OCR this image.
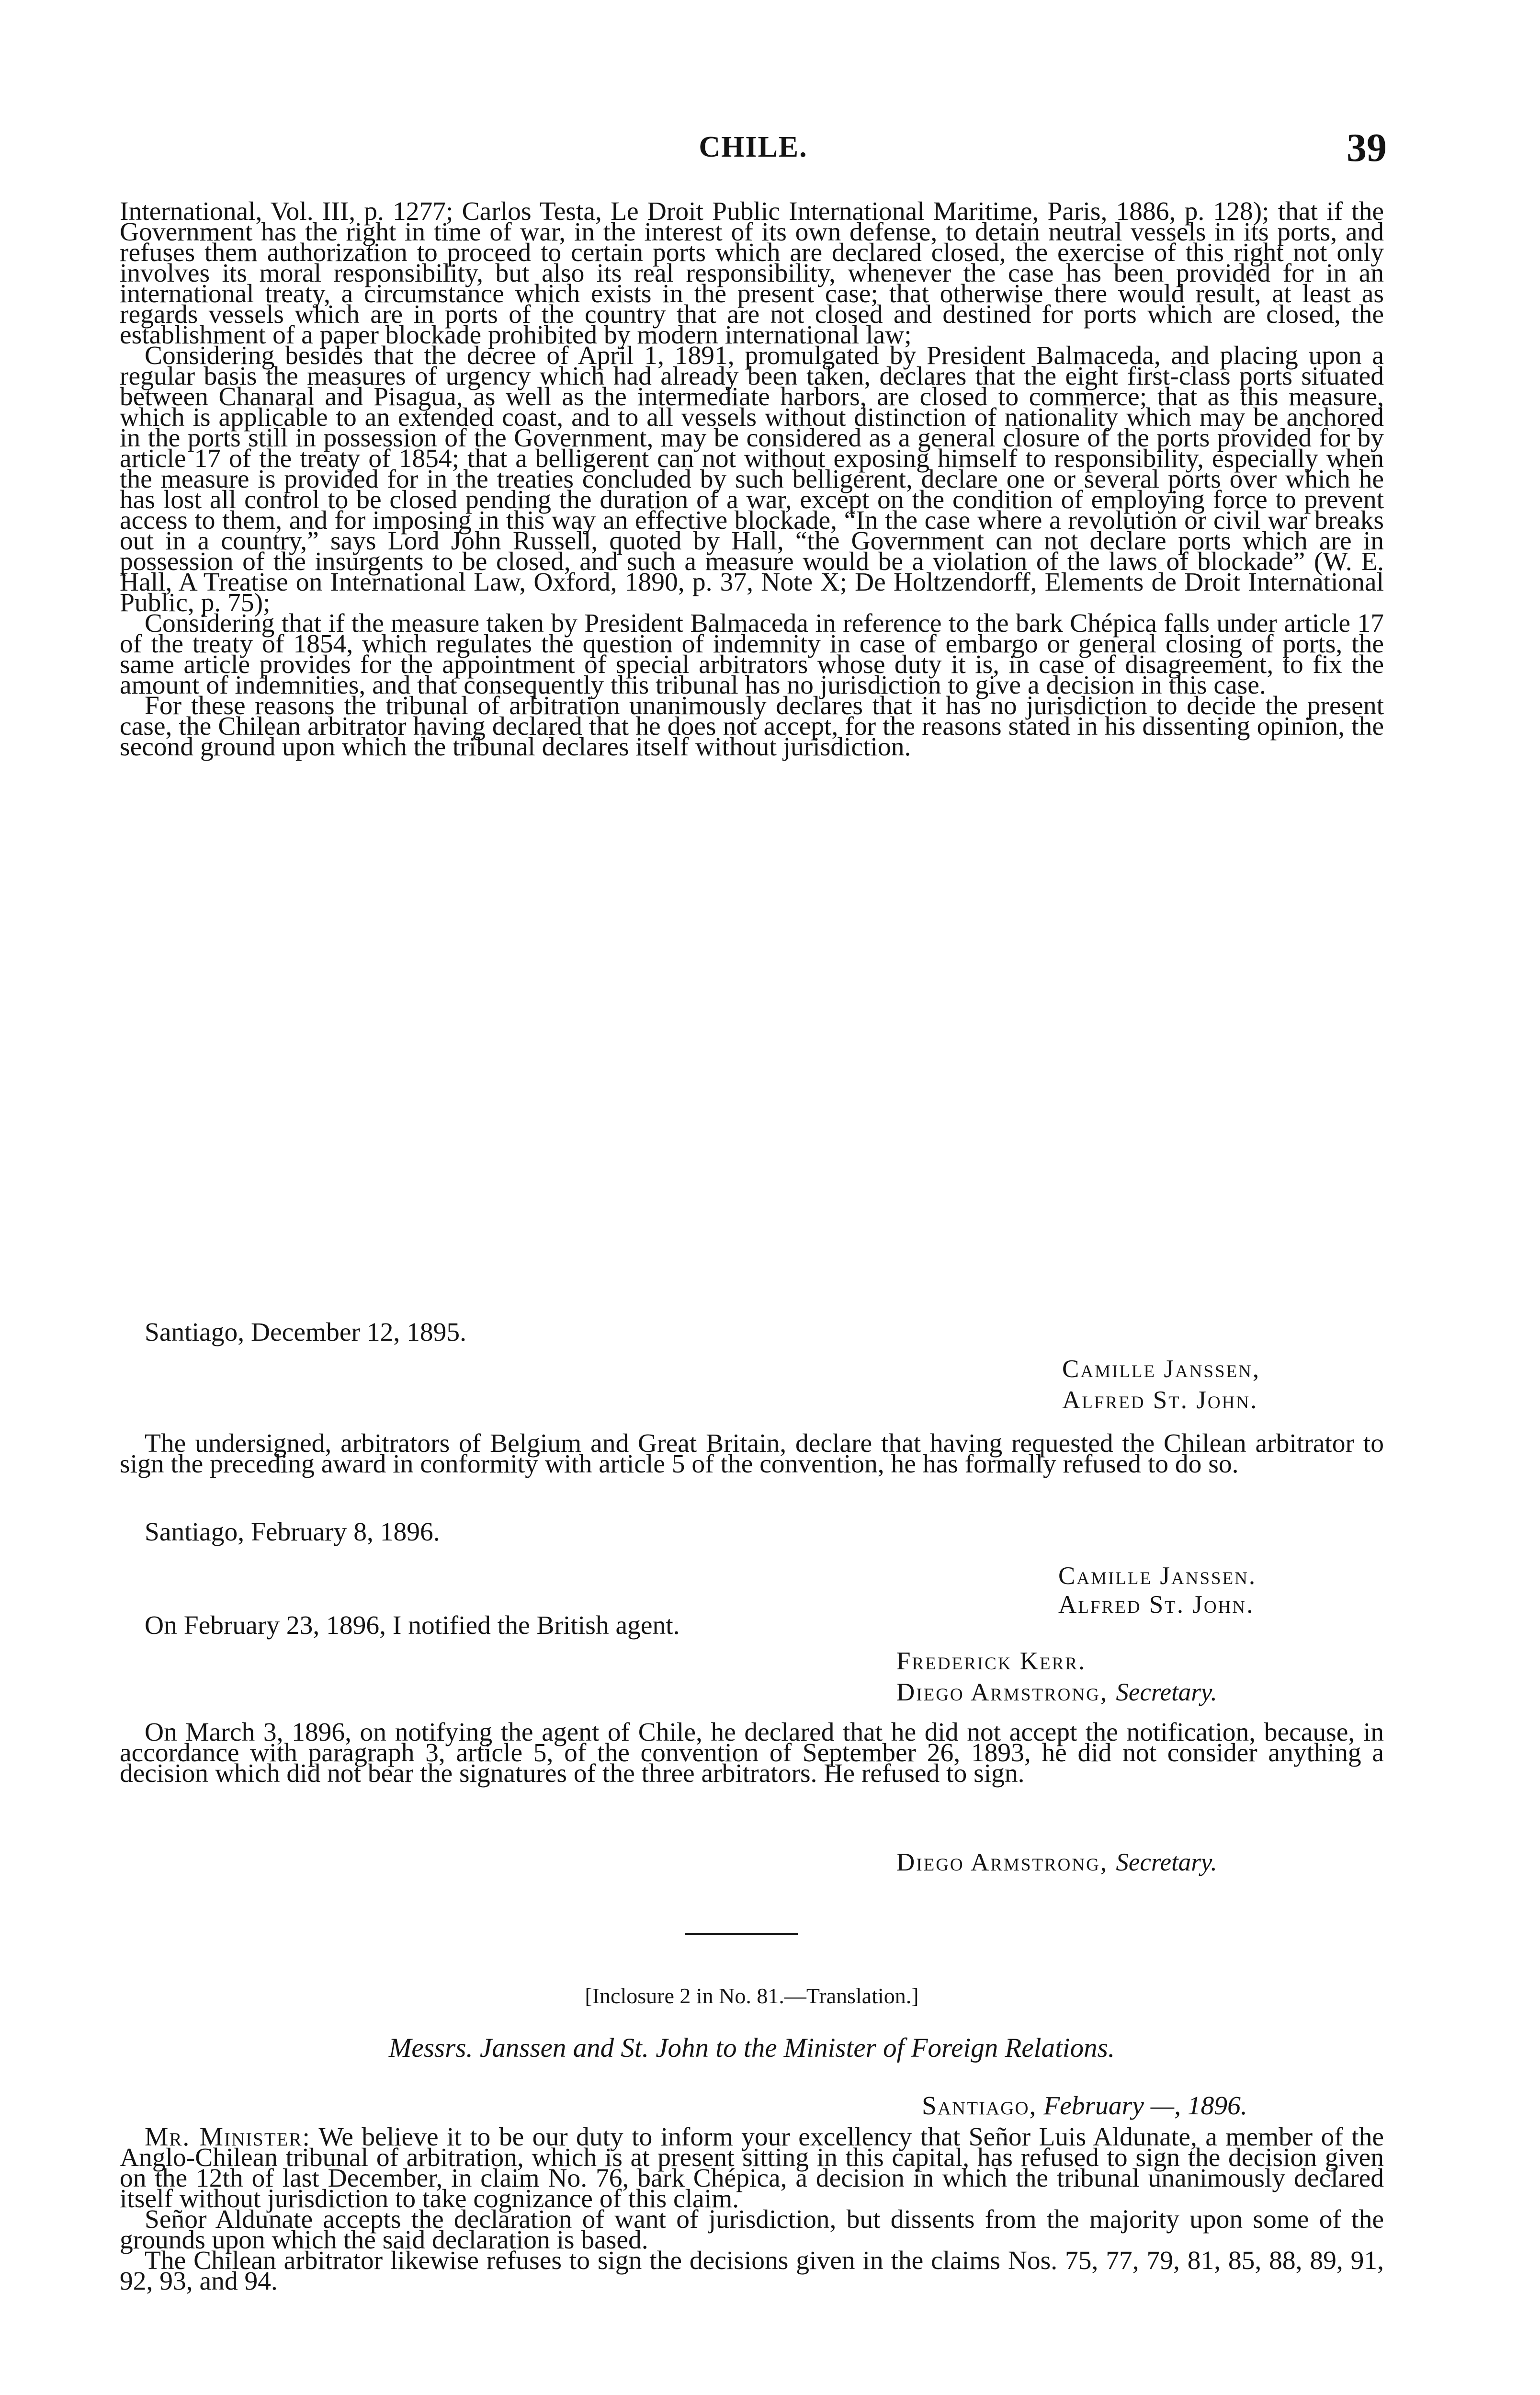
CHILE.	39

International, Vol. III, p. 1277; Carlos Testa, Le Droit Public International Maritime, Paris, 1886, p. 128); that if the Government has the right in time of war, in the interest of its own defense, to detain neutral vessels in its ports, and refuses them authorization to proceed to certain ports which are declared closed, the exercise of this right not only involves its moral responsibility, but also its real responsibility, whenever the case has been provided for in an international treaty, a circumstance which exists in the present case; that otherwise there would result, at least as regards vessels which are in ports of the country that are not closed and destined for ports which are closed, the establishment of a paper blockade prohibited by modern international law;

Considering besides that the decree of April 1, 1891, promulgated by President Balmaceda, and placing upon a regular basis the measures of urgency which had already been taken, declares that the eight first-class ports situated between Chanaral and Pisagua, as well as the intermediate harbors, are closed to commerce; that as this measure, which is applicable to an extended coast, and to all vessels without distinction of nationality which may be anchored in the ports still in possession of the Government, may be considered as a general closure of the ports provided for by article 17 of the treaty of 1854; that a belligerent can not without exposing himself to responsibility, especially when the measure is provided for in the treaties concluded by such belligerent, declare one or several ports over which he has lost all control to be closed pending the duration of a war, except on the condition of employing force to prevent access to them, and for imposing in this way an effective blockade, “In the case where a revolution or civil war breaks out in a country,” says Lord John Russell, quoted by Hall, “the Government can not declare ports which are in possession of the insurgents to be closed, and such a measure would be a violation of the laws of blockade” (W. E. Hall, A Treatise on International Law, Oxford, 1890, p. 37, Note X; De Holtzendorff, Elements de Droit International Public, p. 75);

Considering that if the measure taken by President Balmaceda in reference to the bark Chépica falls under article 17 of the treaty of 1854, which regulates the question of indemnity in case of embargo or general closing of ports, the same article provides for the appointment of special arbitrators whose duty it is, in case of disagreement, to fix the amount of indemnities, and that consequently this tribunal has no jurisdiction to give a decision in this case.

For these reasons the tribunal of arbitration unanimously declares that it has no jurisdiction to decide the present case, the Chilean arbitrator having declared that he does not accept, for the reasons stated in his dissenting opinion, the second ground upon which the tribunal declares itself without jurisdiction.

Santiago, December 12, 1895.

Camille Janssen,

Alfred St. John.

The undersigned, arbitrators of Belgium and Great Britain, declare that having requested the Chilean arbitrator to sign the preceding award in conformity with article 5 of the convention, he has formally refused to do so.

Santiago, February 8, 1896.

Camille Janssen.

Alfred St. John.

On February 23, 1896, I notified the British agent.

Frederick Kerr.

Diego Armstrong, Secretary.

On March 3, 1896, on notifying the agent of Chile, he declared that he did not accept the notification, because, in accordance with paragraph 3, article 5, of the convention of September 26, 1893, he did not consider anything a decision which did not bear the signatures of the three arbitrators. He refused to sign.

Diego Armstrong, Secretary.

[Inclosure 2 in No. 81.—Translation.]

Messrs. Janssen and St. John to the Minister of Foreign Relations.

Santiago, February —, 1896.

Mr. Minister: We believe it to be our duty to inform your excellency that Señor Luis Aldunate, a member of the Anglo-Chilean tribunal of arbitration, which is at present sitting in this capital, has refused to sign the decision given on the 12th of last December, in claim No. 76, bark Chépica, a decision in which the tribunal unanimously declared itself without jurisdiction to take cognizance of this claim.

Señor Aldunate accepts the declaration of want of jurisdiction, but dissents from the majority upon some of the grounds upon which the said declaration is based.

The Chilean arbitrator likewise refuses to sign the decisions given in the claims Nos. 75, 77, 79, 81, 85, 88, 89, 91, 92, 93, and 94.
